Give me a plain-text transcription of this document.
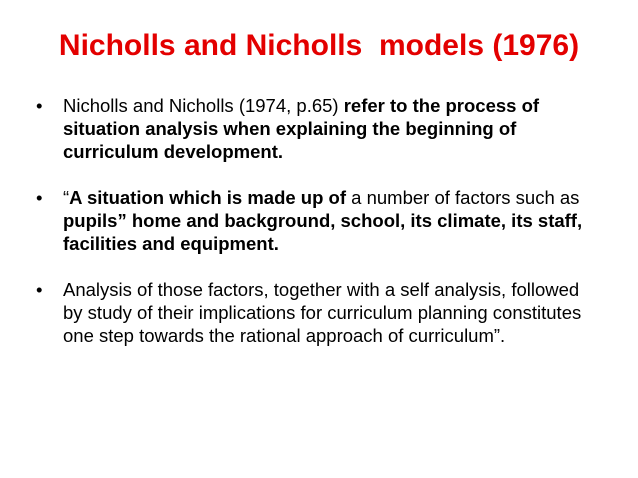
Nicholls and Nicholls  models (1976)
•	Nicholls and Nicholls (1974, p.65) refer to the process of situation analysis when explaining the beginning of curriculum development.
•	“A situation which is made up of a number of factors such as pupils” home and background, school, its climate, its staff, facilities and equipment.
•	Analysis of those factors, together with a self analysis, followed by study of their implications for curriculum planning constitutes one step towards the rational approach of curriculum”.
